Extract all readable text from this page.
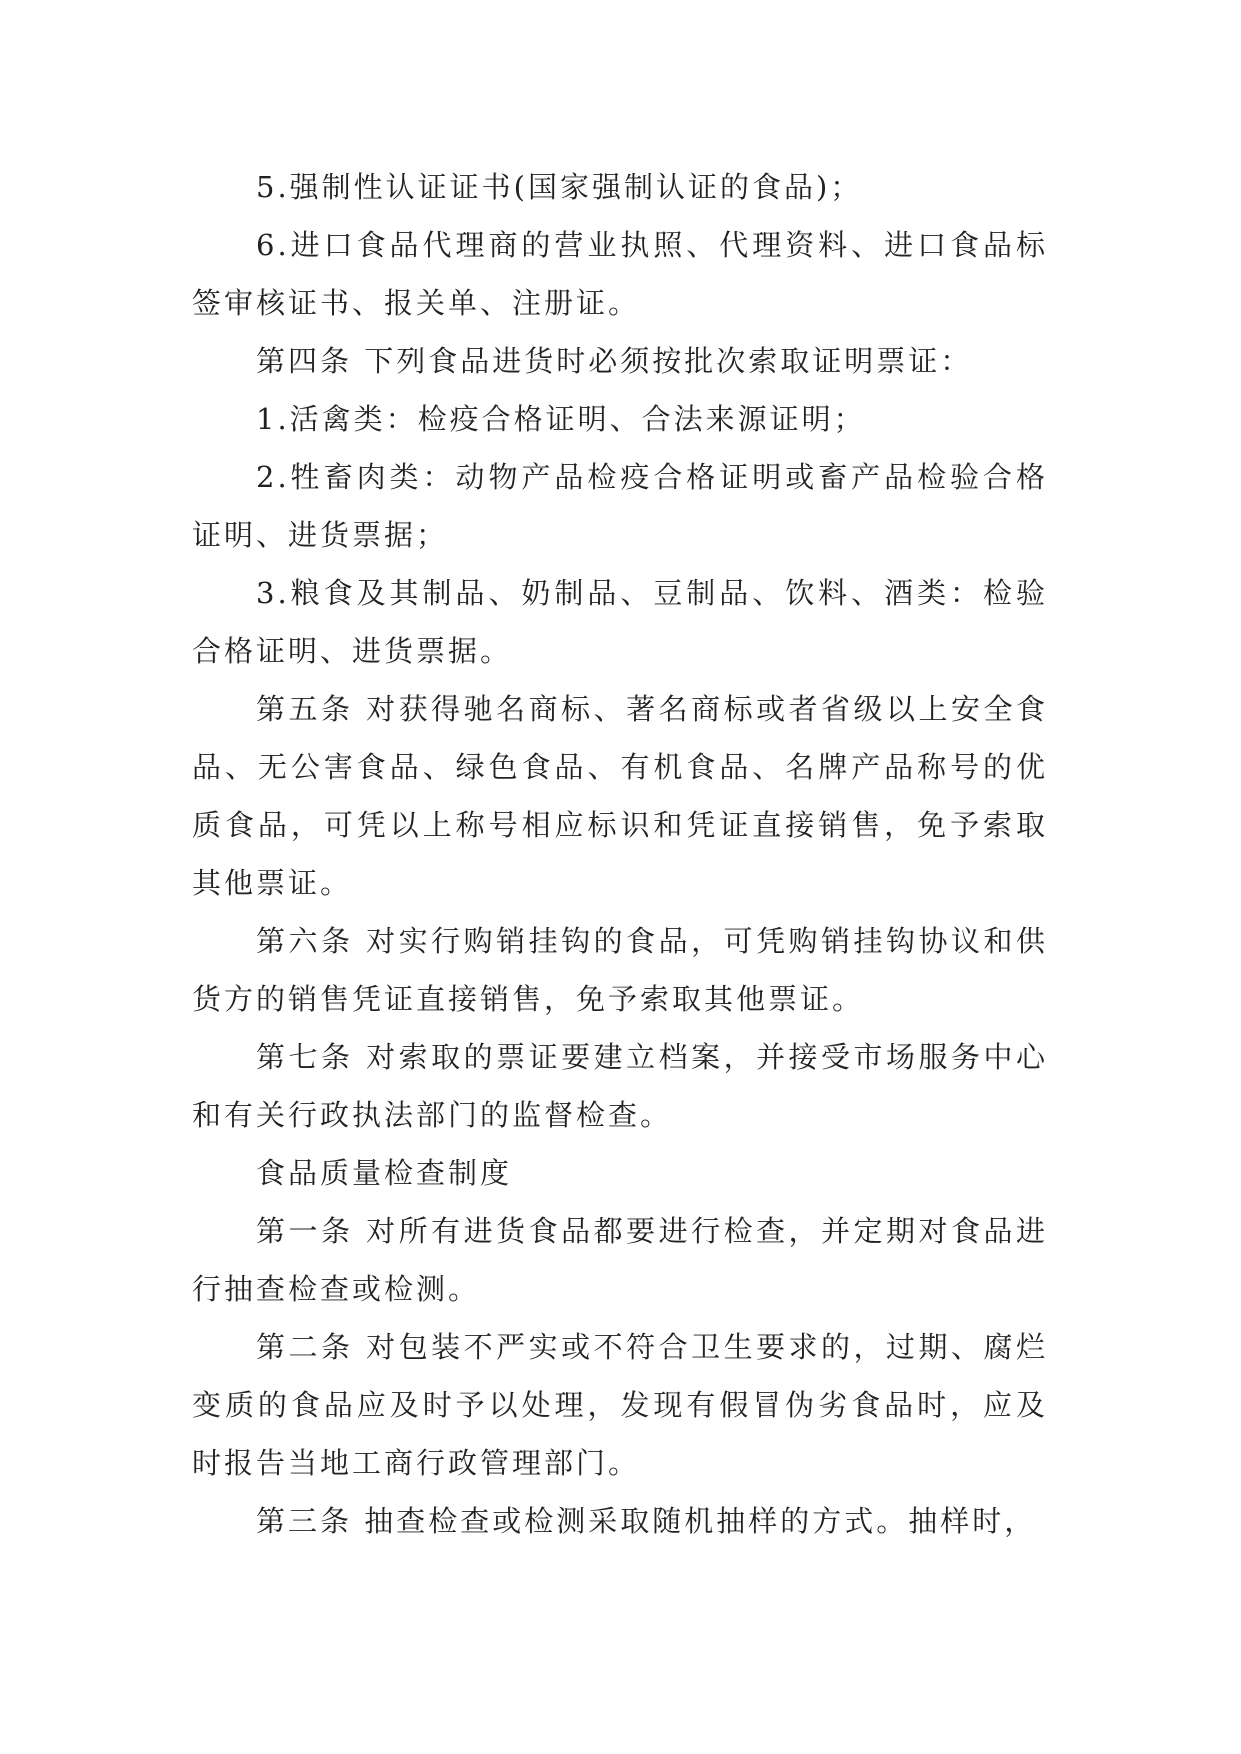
5.强制性认证证书(国家强制认证的食品)；

6.进口食品代理商的营业执照、代理资料、进口食品标签审核证书、报关单、注册证。

第四条 下列食品进货时必须按批次索取证明票证：

1.活禽类：检疫合格证明、合法来源证明；

2.牲畜肉类：动物产品检疫合格证明或畜产品检验合格证明、进货票据；

3.粮食及其制品、奶制品、豆制品、饮料、酒类：检验合格证明、进货票据。

第五条 对获得驰名商标、著名商标或者省级以上安全食品、无公害食品、绿色食品、有机食品、名牌产品称号的优质食品，可凭以上称号相应标识和凭证直接销售，免予索取其他票证。

第六条 对实行购销挂钩的食品，可凭购销挂钩协议和供货方的销售凭证直接销售，免予索取其他票证。

第七条 对索取的票证要建立档案，并接受市场服务中心和有关行政执法部门的监督检查。

食品质量检查制度

第一条 对所有进货食品都要进行检查，并定期对食品进行抽查检查或检测。

第二条 对包装不严实或不符合卫生要求的，过期、腐烂变质的食品应及时予以处理，发现有假冒伪劣食品时，应及时报告当地工商行政管理部门。

第三条 抽查检查或检测采取随机抽样的方式。抽样时，
